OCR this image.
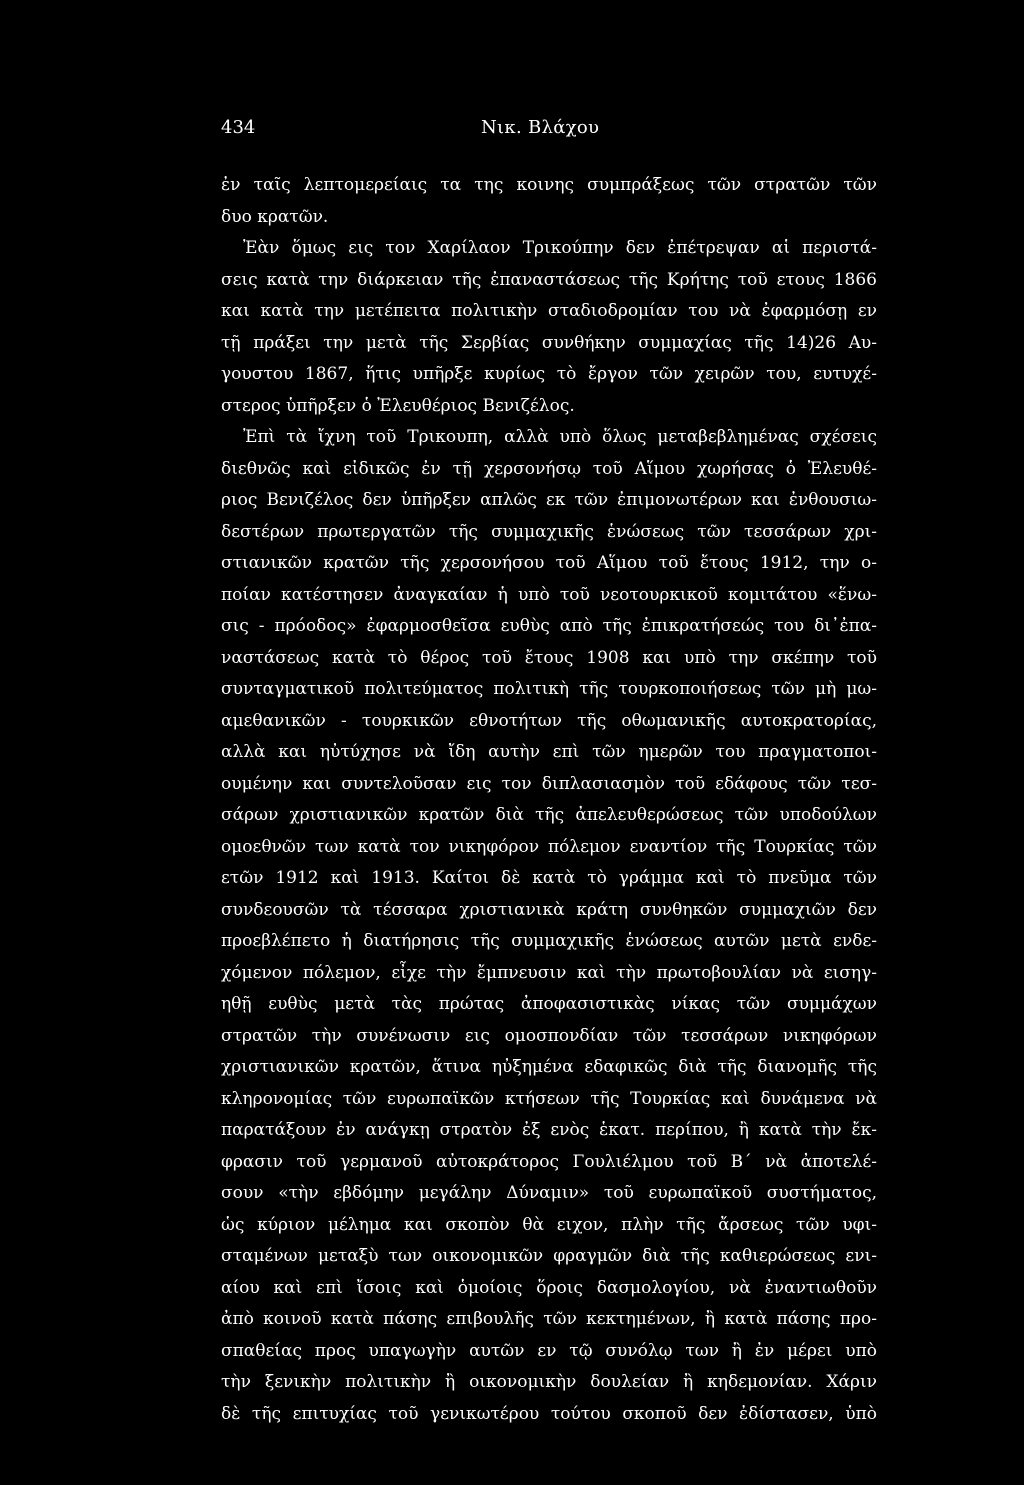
434	Νικ. Βλάχου
ἐν ταῖς λεπτομερείαις τα της κοινης συμπράξεως τῶν στρατῶν τῶν
δυο κρατῶν.
Ἐὰν ὅμως εις τον Χαρίλαον Τρικούπην δεν ἐπέτρεψαν αἱ περιστά-
σεις κατὰ την διάρκειαν τῆς ἐπαναστάσεως τῆς Κρήτης τοῦ ετους 1866
και κατὰ την μετέπειτα πολιτικὴν σταδιοδρομίαν του νὰ ἐφαρμόσῃ εν
τῇ πράξει την μετὰ τῆς Σερβίας συνθήκην συμμαχίας τῆς 14)26 Αυ-
γουστου 1867, ἥτις υπῆρξε κυρίως τὸ ἔργον τῶν χειρῶν του, ευτυχέ-
στερος ὑπῆρξεν ὁ Ἐλευθέριος Βενιζέλος.
Ἐπὶ τὰ ἴχνη τοῦ Τρικουπη, αλλὰ υπὸ ὅλως μεταβεβλημένας σχέσεις
διεθνῶς καὶ εἰδικῶς ἐν τῇ χερσονήσῳ τοῦ Αἵμου χωρήσας ὁ Ἐλευθέ-
ριος Βενιζέλος δεν ὑπῆρξεν απλῶς εκ τῶν ἐπιμονωτέρων και ἐνθουσιω-
δεστέρων πρωτεργατῶν τῆς συμμαχικῆς ἑνώσεως τῶν τεσσάρων χρι-
στιανικῶν κρατῶν τῆς χερσονήσου τοῦ Αἵμου τοῦ ἔτους 1912, την ο-
ποίαν κατέστησεν ἀναγκαίαν ἡ υπὸ τοῦ νεοτουρκικοῦ κομιτάτου «ἕνω-
σις - πρόοδος» ἐφαρμοσθεῖσα ευθὺς απὸ τῆς ἐπικρατήσεώς του δι᾽ἐπα-
ναστάσεως κατὰ τὸ θέρος τοῦ ἔτους 1908 και υπὸ την σκέπην τοῦ
συνταγματικοῦ πολιτεύματος πολιτικὴ τῆς τουρκοποιήσεως τῶν μὴ μω-
αμεθανικῶν - τουρκικῶν εθνοτήτων τῆς οθωμανικῆς αυτοκρατορίας,
αλλὰ και ηὐτύχησε νὰ ἴδη αυτὴν επὶ τῶν ημερῶν του πραγματοποι-
ουμένην και συντελοῦσαν εις τον διπλασιασμὸν τοῦ εδάφους τῶν τεσ-
σάρων χριστιανικῶν κρατῶν διὰ τῆς ἀπελευθερώσεως τῶν υποδούλων
ομοεθνῶν των κατὰ τον νικηφόρον πόλεμον εναντίον τῆς Τουρκίας τῶν
ετῶν 1912 καὶ 1913. Καίτοι δὲ κατὰ τὸ γράμμα καὶ τὸ πνεῦμα τῶν
συνδεουσῶν τὰ τέσσαρα χριστιανικὰ κράτη συνθηκῶν συμμαχιῶν δεν
προεβλέπετο ἡ διατήρησις τῆς συμμαχικῆς ἑνώσεως αυτῶν μετὰ ενδε-
χόμενον πόλεμον, εἶχε τὴν ἔμπνευσιν καὶ τὴν πρωτοβουλίαν νὰ εισηγ-
ηθῇ ευθὺς μετὰ τὰς πρώτας ἀποφασιστικὰς νίκας τῶν συμμάχων
στρατῶν τὴν συνένωσιν εις ομοσπονδίαν τῶν τεσσάρων νικηφόρων
χριστιανικῶν κρατῶν, ἅτινα ηὐξημένα εδαφικῶς διὰ τῆς διανομῆς τῆς
κληρονομίας τῶν ευρωπαϊκῶν κτήσεων τῆς Τουρκίας καὶ δυνάμενα νὰ
παρατάξουν ἐν ανάγκῃ στρατὸν ἐξ ενὸς ἑκατ. περίπου, ἢ κατὰ τὴν ἔκ-
φρασιν τοῦ γερμανοῦ αὐτοκράτορος Γουλιέλμου τοῦ Β΄ νὰ ἀποτελέ-
σουν «τὴν εβδόμην μεγάλην Δύναμιν» τοῦ ευρωπαϊκοῦ συστήματος,
ὡς κύριον μέλημα και σκοπὸν θὰ ειχον, πλὴν τῆς ἄρσεως τῶν υφι-
σταμένων μεταξὺ των οικονομικῶν φραγμῶν διὰ τῆς καθιερώσεως ενι-
αίου καὶ επὶ ἴσοις καὶ ὁμοίοις ὅροις δασμολογίου, νὰ ἐναντιωθοῦν
ἀπὸ κοινοῦ κατὰ πάσης επιβουλῆς τῶν κεκτημένων, ἢ κατὰ πάσης προ-
σπαθείας προς υπαγωγὴν αυτῶν εν τῷ συνόλῳ των ἢ ἐν μέρει υπὸ
τὴν ξενικὴν πολιτικὴν ἢ οικονομικὴν δουλείαν ἢ κηδεμονίαν. Χάριν
δὲ τῆς επιτυχίας τοῦ γενικωτέρου τούτου σκοποῦ δεν ἐδίστασεν, ὑπὸ
